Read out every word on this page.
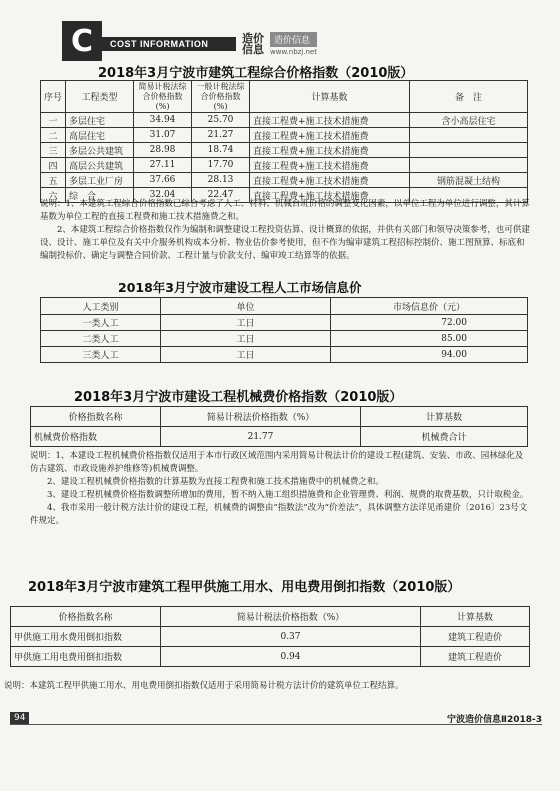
C	COST INFORMATION	造价
信息
造价信息
www.nbzj.net
2018年3月宁波市建筑工程综合价格指数（2010版）
序号	工程类型	简易计税法综合价格指数(%)	一般计税法综合价格指数(%)	计算基数	备　注
一	多层住宅	34.94	25.70	直接工程费+施工技术措施费	含小高层住宅
二	高层住宅	31.07	21.27	直接工程费+施工技术措施费	
三	多层公共建筑	28.98	18.74	直接工程费+施工技术措施费	
四	高层公共建筑	27.11	17.70	直接工程费+施工技术措施费	
五	多层工业厂房	37.66	28.13	直接工程费+施工技术措施费	钢筋混凝土结构
六	综　合	32.04	22.47	直接工程费+施工技术措施费	

说明：1、本建筑工程综合价格指数已综合考虑了人工、材料、机械台班价格的调整变化因素，以单位工程为单位进行调整，其计算基数为单位工程的直接工程费和施工技术措施费之和。

2、本建筑工程综合价格指数仅作为编制和调整建设工程投资估算、设计概算的依据，并供有关部门和领导决策参考，也可供建设、设计、施工单位及有关中介服务机构成本分析、物业估价参考使用，但不作为编审建筑工程招标控制价、施工图预算、标底和编制投标价、确定与调整合同价款、工程计量与价款支付、编审竣工结算等的依据。

2018年3月宁波市建设工程人工市场信息价
人工类别	单位	市场信息价（元）
一类人工	工日	72.00
二类人工	工日	85.00
三类人工	工日	94.00
2018年3月宁波市建设工程机械费价格指数（2010版）
价格指数名称	简易计税法价格指数（%）	计算基数
机械费价格指数	21.77	机械费合计

说明：1、本建设工程机械费价格指数仅适用于本市行政区域范围内采用简易计税法计价的建设工程(建筑、安装、市政、园林绿化及仿古建筑、市政设施养护维修等)机械费调整。

2、建设工程机械费价格指数的计算基数为直接工程费和施工技术措施费中的机械费之和。

3、建设工程机械费价格指数调整所增加的费用，暂不纳入施工组织措施费和企业管理费、利润、规费的取费基数，只计取税金。

4、我市采用一般计税方法计价的建设工程，机械费的调整由“指数法”改为“价差法”，具体调整方法详见甬建价〔2016〕23号文件规定。

2018年3月宁波市建筑工程甲供施工用水、用电费用倒扣指数（2010版）
价格指数名称	简易计税法价格指数（%）	计算基数
甲供施工用水费用倒扣指数	0.37	建筑工程造价
甲供施工用电费用倒扣指数	0.94	建筑工程造价
说明：本建筑工程甲供施工用水、用电费用倒扣指数仅适用于采用简易计税方法计价的建筑单位工程结算。
94	宁波造价信息Ⅱ2018-3
